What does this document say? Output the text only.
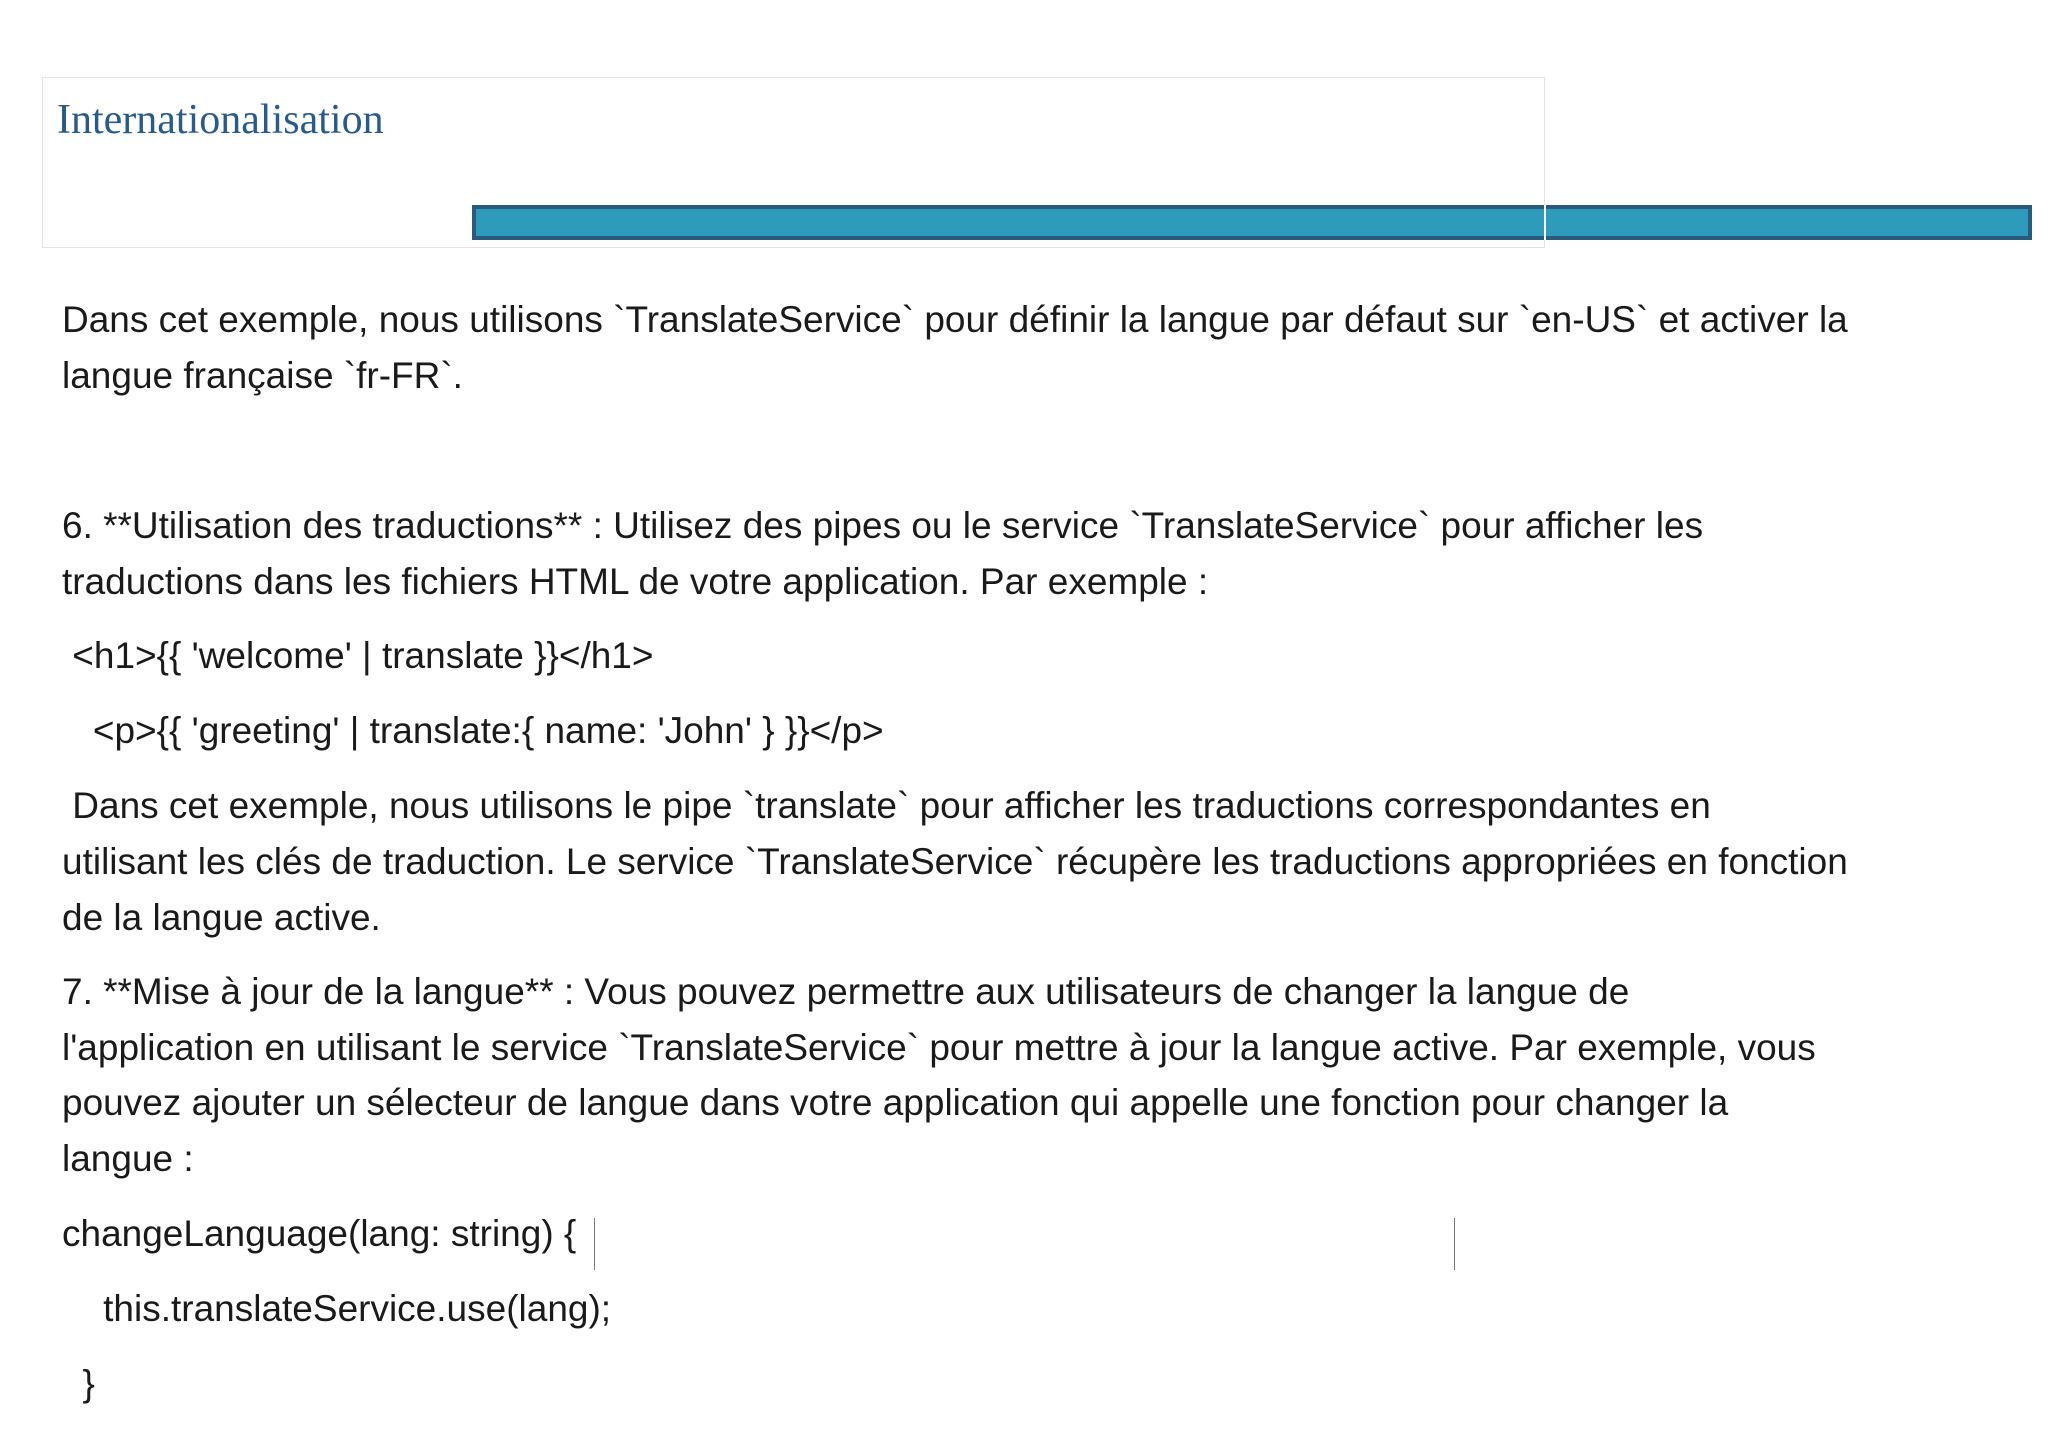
Internationalisation

Dans cet exemple, nous utilisons `TranslateService` pour définir la langue par défaut sur `en-US` et activer la

langue française `fr-FR`.

6. **Utilisation des traductions** : Utilisez des pipes ou le service `TranslateService` pour afficher les

traductions dans les fichiers HTML de votre application. Par exemple :

<h1>{{ 'welcome' | translate }}</h1>

<p>{{ 'greeting' | translate:{ name: 'John' } }}</p>

Dans cet exemple, nous utilisons le pipe `translate` pour afficher les traductions correspondantes en

utilisant les clés de traduction. Le service `TranslateService` récupère les traductions appropriées en fonction

de la langue active.

7. **Mise à jour de la langue** : Vous pouvez permettre aux utilisateurs de changer la langue de

l'application en utilisant le service `TranslateService` pour mettre à jour la langue active. Par exemple, vous

pouvez ajouter un sélecteur de langue dans votre application qui appelle une fonction pour changer la

langue :

changeLanguage(lang: string) {

this.translateService.use(lang);

}
